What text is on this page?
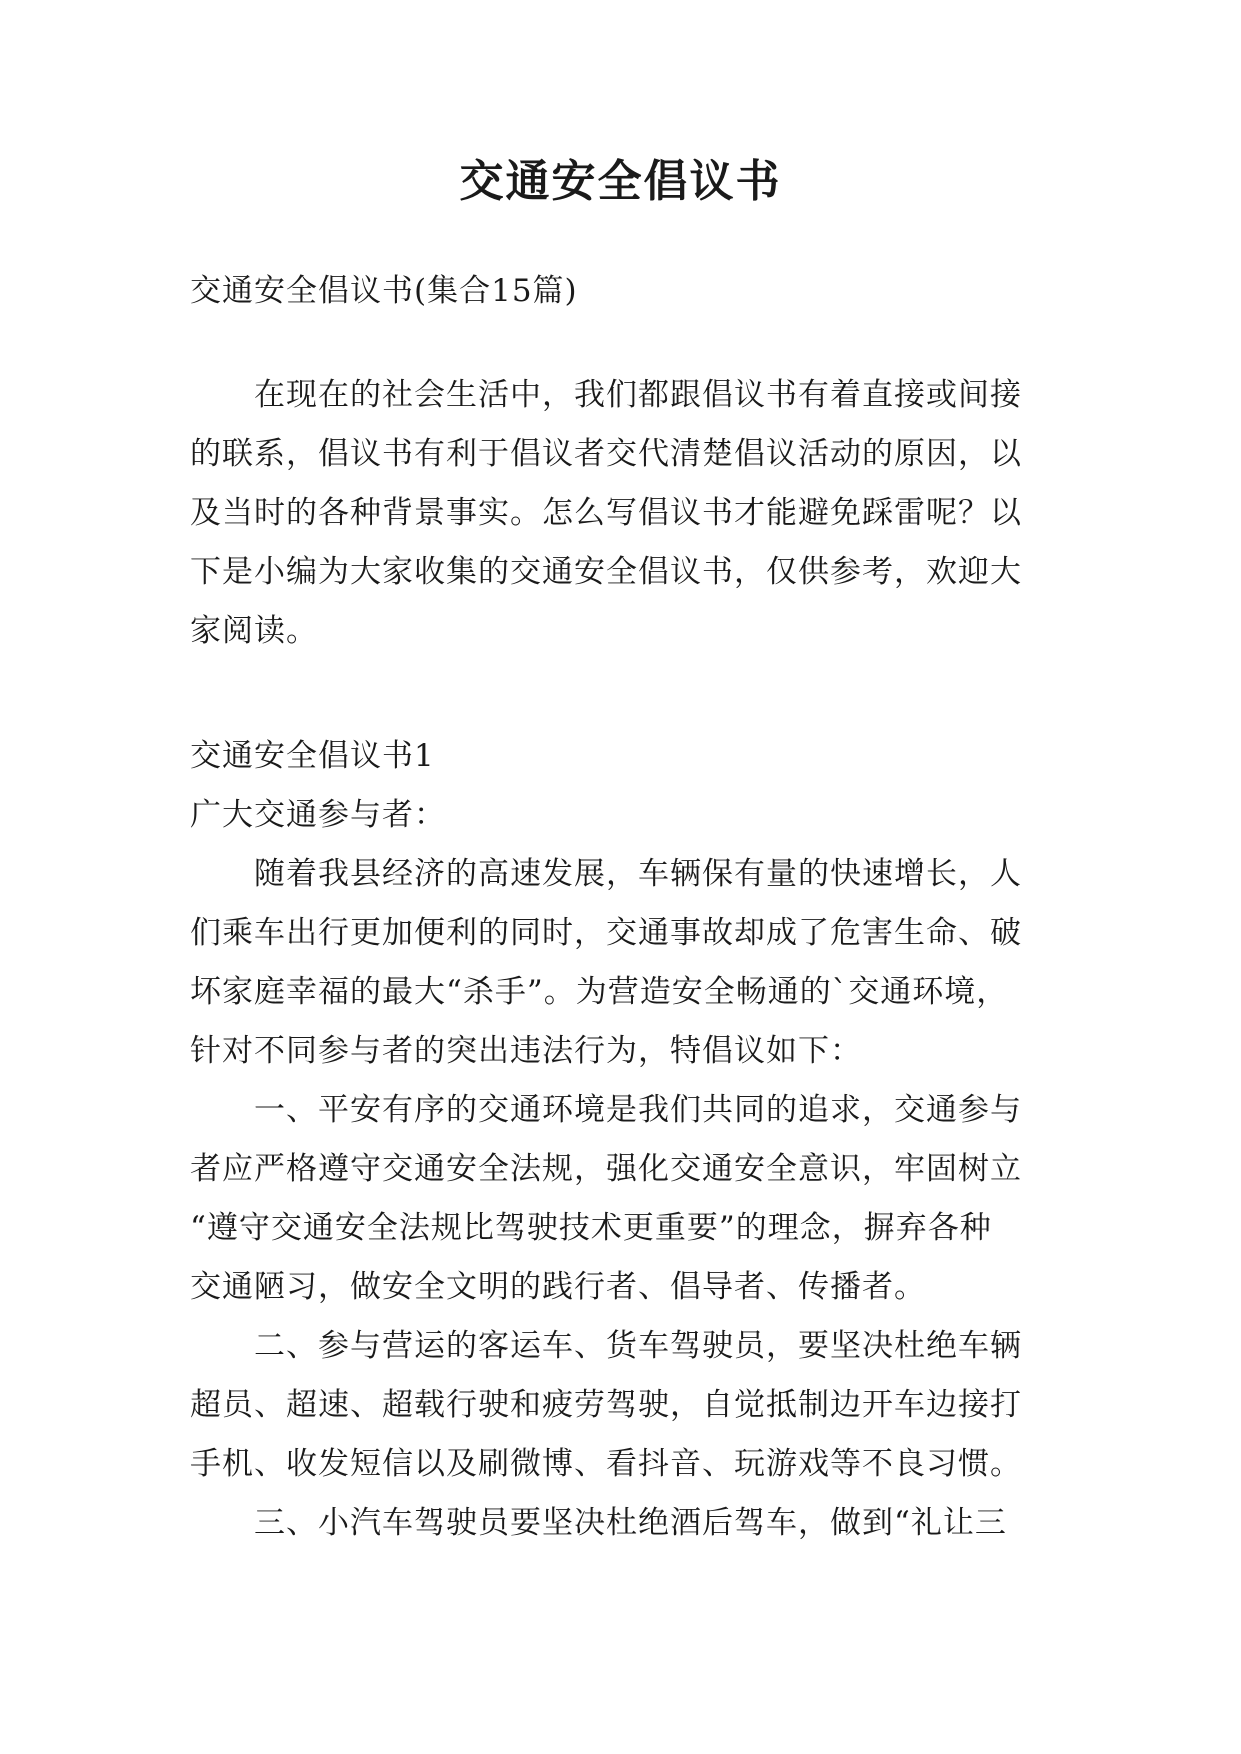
交通安全倡议书
交通安全倡议书(集合15篇)
　　在现在的社会生活中，我们都跟倡议书有着直接或间接
的联系，倡议书有利于倡议者交代清楚倡议活动的原因，以
及当时的各种背景事实。怎么写倡议书才能避免踩雷呢？以
下是小编为大家收集的交通安全倡议书，仅供参考，欢迎大
家阅读。
交通安全倡议书1
广大交通参与者：
　　随着我县经济的高速发展，车辆保有量的快速增长，人
们乘车出行更加便利的同时，交通事故却成了危害生命、破
坏家庭幸福的最大“杀手”。为营造安全畅通的`交通环境，
针对不同参与者的突出违法行为，特倡议如下：
　　一、平安有序的交通环境是我们共同的追求，交通参与
者应严格遵守交通安全法规，强化交通安全意识，牢固树立
“遵守交通安全法规比驾驶技术更重要”的理念，摒弃各种
交通陋习，做安全文明的践行者、倡导者、传播者。
　　二、参与营运的客运车、货车驾驶员，要坚决杜绝车辆
超员、超速、超载行驶和疲劳驾驶，自觉抵制边开车边接打
手机、收发短信以及刷微博、看抖音、玩游戏等不良习惯。
　　三、小汽车驾驶员要坚决杜绝酒后驾车，做到“礼让三
